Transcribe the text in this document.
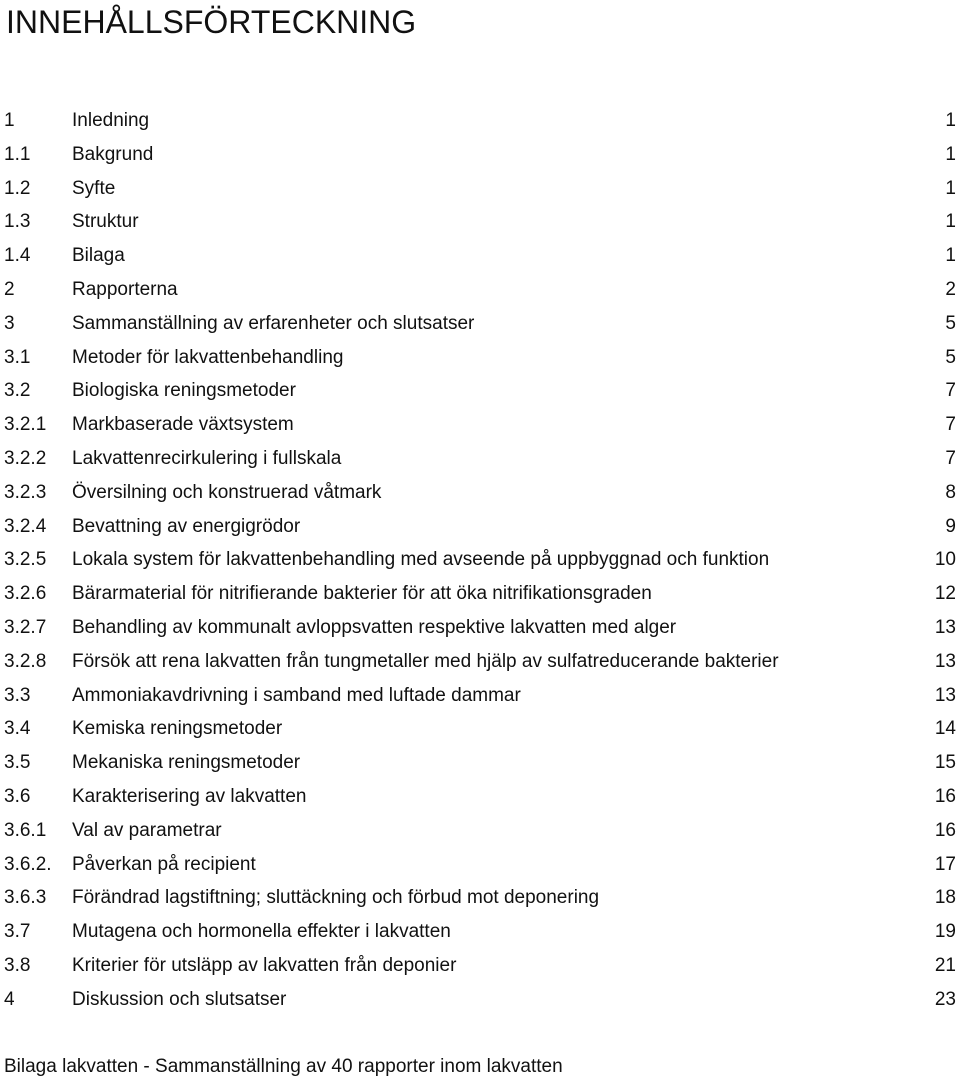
INNEHÅLLSFÖRTECKNING
1	Inledning	1
1.1 Bakgrund	1
1.2 Syfte	1
1.3 Struktur	1
1.4 Bilaga	1
2	Rapporterna	2
3	Sammanställning av erfarenheter och slutsatser	5
3.1 Metoder för lakvattenbehandling	5
3.2 Biologiska reningsmetoder	7
3.2.1 Markbaserade växtsystem	7
3.2.2 Lakvattenrecirkulering i fullskala	7
3.2.3 Översilning och konstruerad våtmark	8
3.2.4 Bevattning av energigrödor	9
3.2.5 Lokala system för lakvattenbehandling med avseende på uppbyggnad och funktion	10
3.2.6 Bärarmaterial för nitrifierande bakterier för att öka nitrifikationsgraden	12
3.2.7 Behandling av kommunalt avloppsvatten respektive lakvatten med alger	13
3.2.8 Försök att rena lakvatten från tungmetaller med hjälp av sulfatreducerande bakterier	13
3.3 Ammoniakavdrivning i samband med luftade dammar	13
3.4 Kemiska reningsmetoder	14
3.5 Mekaniska reningsmetoder	15
3.6 Karakterisering av lakvatten	16
3.6.1 Val av parametrar	16
3.6.2. Påverkan på recipient	17
3.6.3 Förändrad lagstiftning; sluttäckning och förbud mot deponering	18
3.7 Mutagena och hormonella effekter i lakvatten	19
3.8 Kriterier för utsläpp av lakvatten från deponier	21
4	Diskussion och slutsatser	23

Bilaga lakvatten - Sammanställning av 40 rapporter inom lakvatten
